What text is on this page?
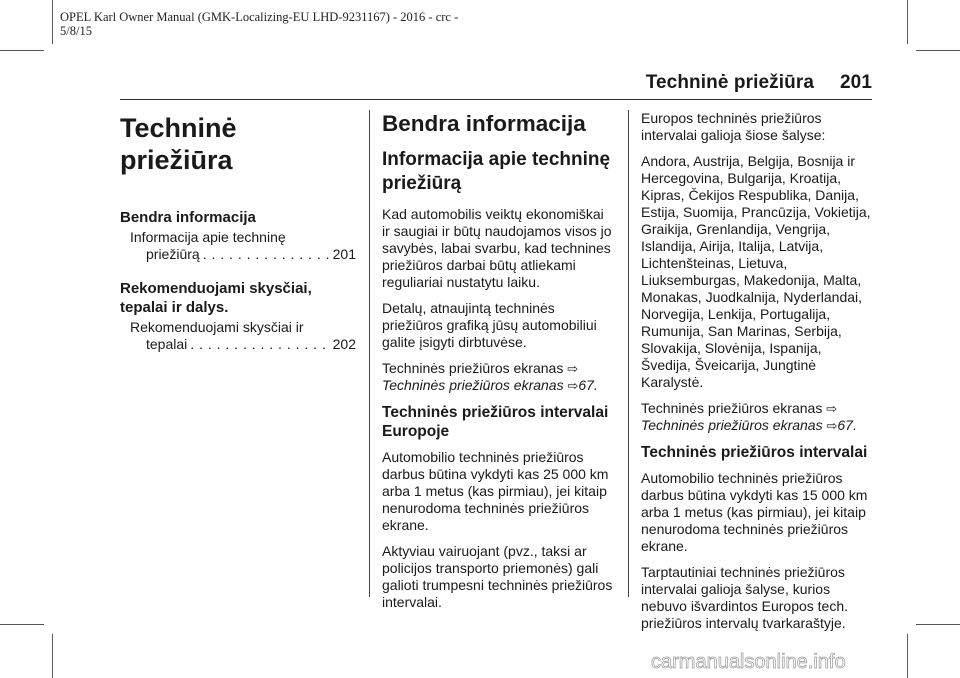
OPEL Karl Owner Manual (GMK-Localizing-EU LHD-9231167) - 2016 - crc -
5/8/15
Techninė priežiūra 201
Techninė priežiūra
Bendra informacija
Informacija apie techninę
priežiūrą . . .	201
Rekomenduojami skysčiai, tepalai ir dalys.
Rekomenduojami skysčiai ir
tepalai . . .	202
Bendra informacija
Informacija apie techninę priežiūrą

Kad automobilis veiktų ekonomiškai ir saugiai ir būtų naudojamos visos jo savybės, labai svarbu, kad technines priežiūros darbai būtų atliekami reguliariai nustatytu laiku.

Detalų, atnaujintą techninės priežiūros grafiką jūsų automobiliui galite įsigyti dirbtuvėse.

Techninės priežiūros ekranas ⇨
Techninės priežiūros ekranas ⇨67.

Techninės priežiūros intervalai Europoje

Automobilio techninės priežiūros darbus būtina vykdyti kas 25 000 km arba 1 metus (kas pirmiau), jei kitaip nenurodoma techninės priežiūros ekrane.

Aktyviau vairuojant (pvz., taksi ar policijos transporto priemonės) gali galioti trumpesni techninės priežiūros intervalai.

Europos techninės priežiūros intervalai galioja šiose šalyse:

Andora, Austrija, Belgija, Bosnija ir Hercegovina, Bulgarija, Kroatija, Kipras, Čekijos Respublika, Danija, Estija, Suomija, Prancūzija, Vokietija, Graikija, Grenlandija, Vengrija, Islandija, Airija, Italija, Latvija, Lichtenšteinas, Lietuva, Liuksemburgas, Makedonija, Malta, Monakas, Juodkalnija, Nyderlandai, Norvegija, Lenkija, Portugalija, Rumunija, San Marinas, Serbija, Slovakija, Slovėnija, Ispanija, Švedija, Šveicarija, Jungtinė Karalystė.

Techninės priežiūros ekranas ⇨
Techninės priežiūros ekranas ⇨67.

Techninės priežiūros intervalai

Automobilio techninės priežiūros darbus būtina vykdyti kas 15 000 km arba 1 metus (kas pirmiau), jei kitaip nenurodoma techninės priežiūros ekrane.

Tarptautiniai techninės priežiūros intervalai galioja šalyse, kurios nebuvo išvardintos Europos tech. priežiūros intervalų tvarkaraštyje.

carmanualsonline.info
